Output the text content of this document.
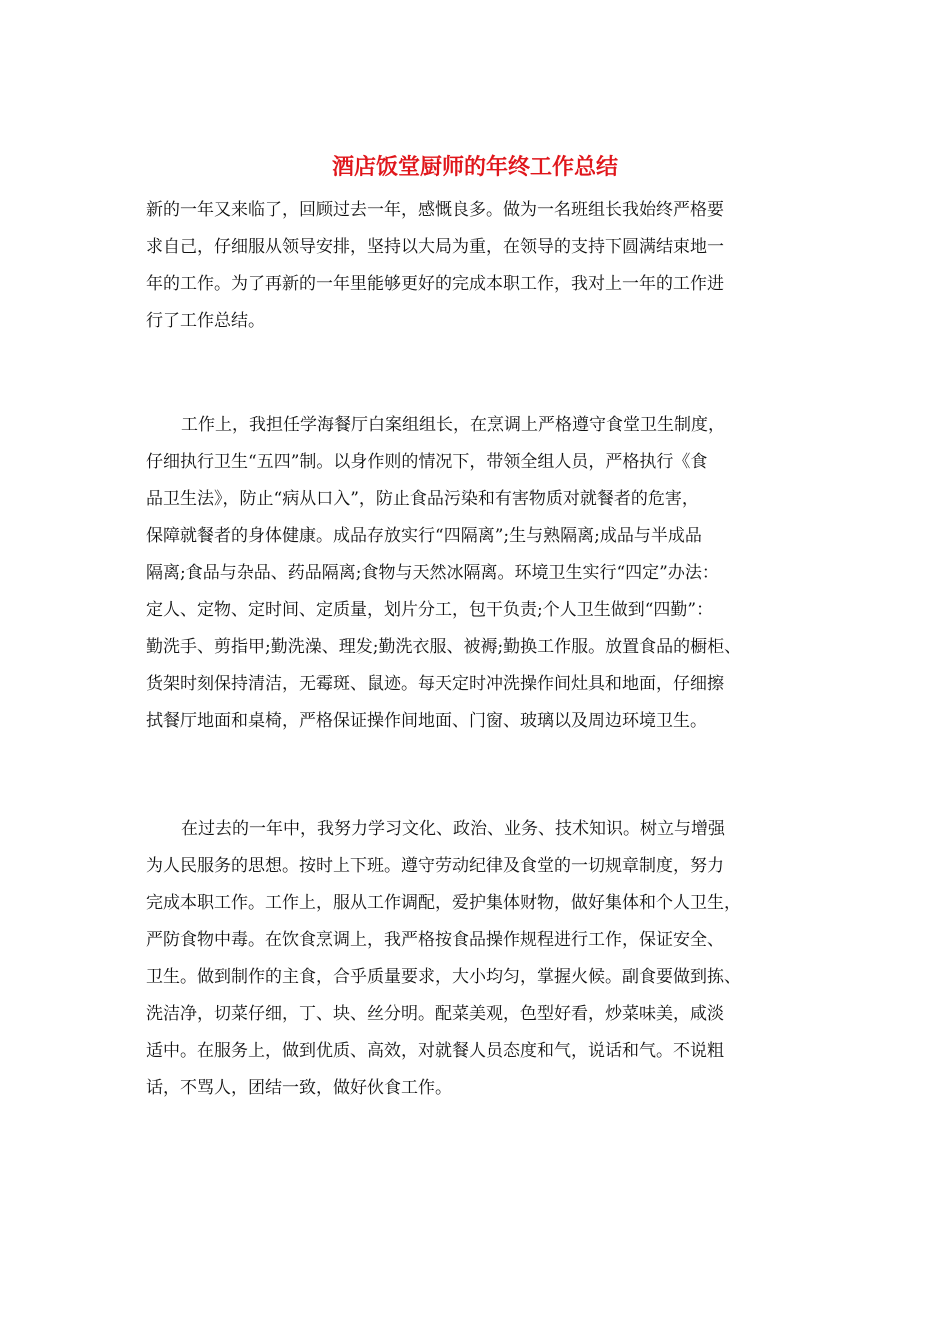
酒店饭堂厨师的年终工作总结
新的一年又来临了，回顾过去一年，感慨良多。做为一名班组长我始终严格要
求自己，仔细服从领导安排，坚持以大局为重，在领导的支持下圆满结束地一
年的工作。为了再新的一年里能够更好的完成本职工作，我对上一年的工作进
行了工作总结。
工作上，我担任学海餐厅白案组组长，在烹调上严格遵守食堂卫生制度，
仔细执行卫生“五四”制。以身作则的情况下，带领全组人员，严格执行《食
品卫生法》，防止“病从口入”，防止食品污染和有害物质对就餐者的危害，
保障就餐者的身体健康。成品存放实行“四隔离”;生与熟隔离;成品与半成品
隔离;食品与杂品、药品隔离;食物与天然冰隔离。环境卫生实行“四定”办法：
定人、定物、定时间、定质量，划片分工，包干负责;个人卫生做到“四勤”：
勤洗手、剪指甲;勤洗澡、理发;勤洗衣服、被褥;勤换工作服。放置食品的橱柜、
货架时刻保持清洁，无霉斑、鼠迹。每天定时冲洗操作间灶具和地面，仔细擦
拭餐厅地面和桌椅，严格保证操作间地面、门窗、玻璃以及周边环境卫生。
在过去的一年中，我努力学习文化、政治、业务、技术知识。树立与增强
为人民服务的思想。按时上下班。遵守劳动纪律及食堂的一切规章制度，努力
完成本职工作。工作上，服从工作调配，爱护集体财物，做好集体和个人卫生，
严防食物中毒。在饮食烹调上，我严格按食品操作规程进行工作，保证安全、
卫生。做到制作的主食，合乎质量要求，大小均匀，掌握火候。副食要做到拣、
洗洁净，切菜仔细，丁、块、丝分明。配菜美观，色型好看，炒菜味美，咸淡
适中。在服务上，做到优质、高效，对就餐人员态度和气，说话和气。不说粗
话，不骂人，团结一致，做好伙食工作。
